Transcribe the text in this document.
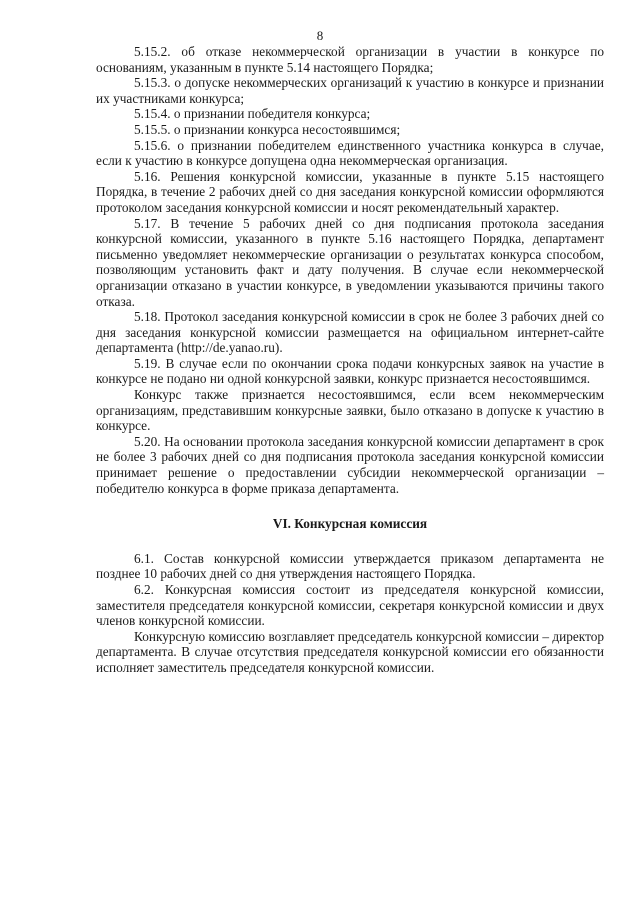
8

5.15.2. об отказе некоммерческой организации в участии в конкурсе по основаниям, указанным в пункте 5.14 настоящего Порядка;

5.15.3. о допуске некоммерческих организаций к участию в конкурсе и признании их участниками конкурса;

5.15.4. о признании победителя конкурса;

5.15.5. о признании конкурса несостоявшимся;

5.15.6. о признании победителем единственного участника конкурса в случае, если к участию в конкурсе допущена одна некоммерческая организация.

5.16. Решения конкурсной комиссии, указанные в пункте 5.15 настоящего Порядка, в течение 2 рабочих дней со дня заседания конкурсной комиссии оформляются протоколом заседания конкурсной комиссии и носят рекомендательный характер.

5.17. В течение 5 рабочих дней со дня подписания протокола заседания конкурсной комиссии, указанного в пункте 5.16 настоящего Порядка, департамент письменно уведомляет некоммерческие организации о результатах конкурса способом, позволяющим установить факт и дату получения. В случае если некоммерческой организации отказано в участии конкурсе, в уведомлении указываются причины такого отказа.

5.18. Протокол заседания конкурсной комиссии в срок не более 3 рабочих дней со дня заседания конкурсной комиссии размещается на официальном интернет-сайте департамента (http://de.yanao.ru).

5.19. В случае если по окончании срока подачи конкурсных заявок на участие в конкурсе не подано ни одной конкурсной заявки, конкурс признается несостоявшимся.

Конкурс также признается несостоявшимся, если всем некоммерческим организациям, представившим конкурсные заявки, было отказано в допуске к участию в конкурсе.

5.20. На основании протокола заседания конкурсной комиссии департамент в срок не более 3 рабочих дней со дня подписания протокола заседания конкурсной комиссии принимает решение о предоставлении субсидии некоммерческой организации – победителю конкурса в форме приказа департамента.

VI. Конкурсная комиссия

6.1. Состав конкурсной комиссии утверждается приказом департамента не позднее 10 рабочих дней со дня утверждения настоящего Порядка.

6.2. Конкурсная комиссия состоит из председателя конкурсной комиссии, заместителя председателя конкурсной комиссии, секретаря конкурсной комиссии и двух членов конкурсной комиссии.

Конкурсную комиссию возглавляет председатель конкурсной комиссии – директор департамента. В случае отсутствия председателя конкурсной комиссии его обязанности исполняет заместитель председателя конкурсной комиссии.
